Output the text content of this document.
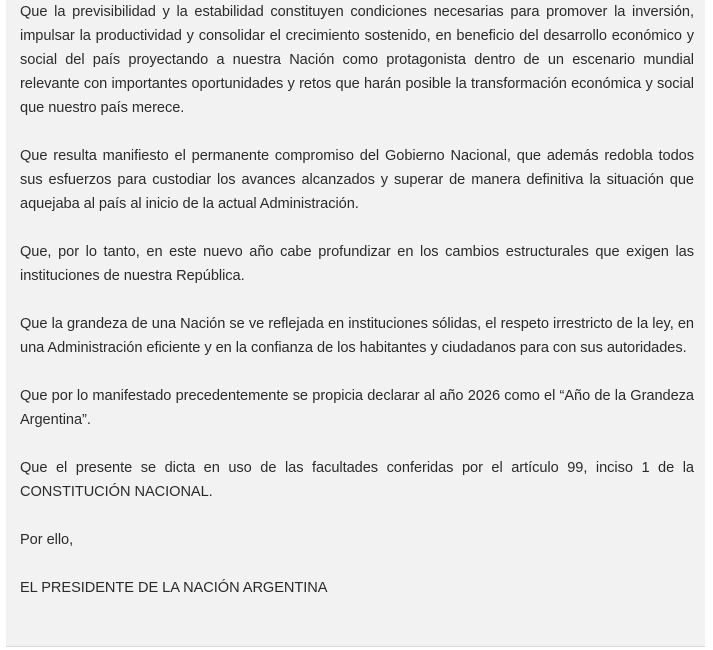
Que la previsibilidad y la estabilidad constituyen condiciones necesarias para promover la inversión, impulsar la productividad y consolidar el crecimiento sostenido, en beneficio del desarrollo económico y social del país proyectando a nuestra Nación como protagonista dentro de un escenario mundial relevante con importantes oportunidades y retos que harán posible la transformación económica y social que nuestro país merece.

Que resulta manifiesto el permanente compromiso del Gobierno Nacional, que además redobla todos sus esfuerzos para custodiar los avances alcanzados y superar de manera definitiva la situación que aquejaba al país al inicio de la actual Administración.

Que, por lo tanto, en este nuevo año cabe profundizar en los cambios estructurales que exigen las instituciones de nuestra República.

Que la grandeza de una Nación se ve reflejada en instituciones sólidas, el respeto irrestricto de la ley, en una Administración eficiente y en la confianza de los habitantes y ciudadanos para con sus autoridades.

Que por lo manifestado precedentemente se propicia declarar al año 2026 como el “Año de la Grandeza Argentina”.

Que el presente se dicta en uso de las facultades conferidas por el artículo 99, inciso 1 de la CONSTITUCIÓN NACIONAL.

Por ello,

EL PRESIDENTE DE LA NACIÓN ARGENTINA
